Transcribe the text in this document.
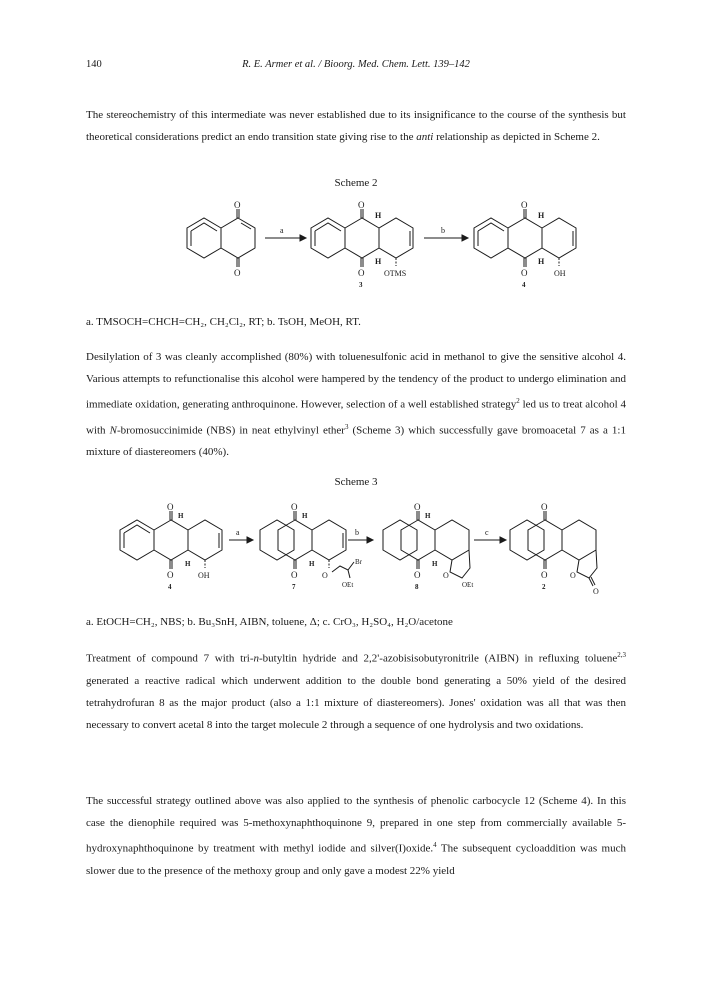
140	R. E. Armer et al. / Bioorg. Med. Chem. Lett. 139–142

The stereochemistry of this intermediate was never established due to its insignificance to the course of the synthesis but theoretical considerations predict an endo transition state giving rise to the anti relationship as depicted in Scheme 2.

Scheme 2
O
O
a
O
O
H
H
OTMS
3
b
O
O
H
H
OH
4

a. TMSOCH=CHCH=CH₂, CH₂Cl₂, RT; b. TsOH, MeOH, RT.

Desilylation of 3 was cleanly accomplished (80%) with toluenesulfonic acid in methanol to give the sensitive alcohol 4. Various attempts to refunctionalise this alcohol were hampered by the tendency of the product to undergo elimination and immediate oxidation, generating anthroquinone. However, selection of a well established strategy$^2$ led us to treat alcohol 4 with N-bromosuccinimide (NBS) in neat ethylvinyl ether$^3$ (Scheme 3) which successfully gave bromoacetal 7 as a 1:1 mixture of diastereomers (40%).

Scheme 3
O
O
H
H
OH
4
a
O
O
H
H
O
Br
OEt
7
b
O
O
H
H
O
OEt
8
c
O
O	O
O
2

a. EtOCH=CH₂, NBS; b. Bu₃SnH, AIBN, toluene, Δ; c. CrO₃, H₂SO₄, H₂O/acetone

Treatment of compound 7 with tri-n-butyltin hydride and 2,2'-azobisisobutyronitrile (AIBN) in refluxing toluene$^{2,3}$ generated a reactive radical which underwent addition to the double bond generating a 50% yield of the desired tetrahydrofuran 8 as the major product (also a 1:1 mixture of diastereomers). Jones' oxidation was all that was then necessary to convert acetal 8 into the target molecule 2 through a sequence of one hydrolysis and two oxidations.

The successful strategy outlined above was also applied to the synthesis of phenolic carbocycle 12 (Scheme 4). In this case the dienophile required was 5-methoxynaphthoquinone 9, prepared in one step from commercially available 5-hydroxynaphthoquinone by treatment with methyl iodide and silver(I)oxide.$^4$ The subsequent cycloaddition was much slower due to the presence of the methoxy group and only gave a modest 22% yield
